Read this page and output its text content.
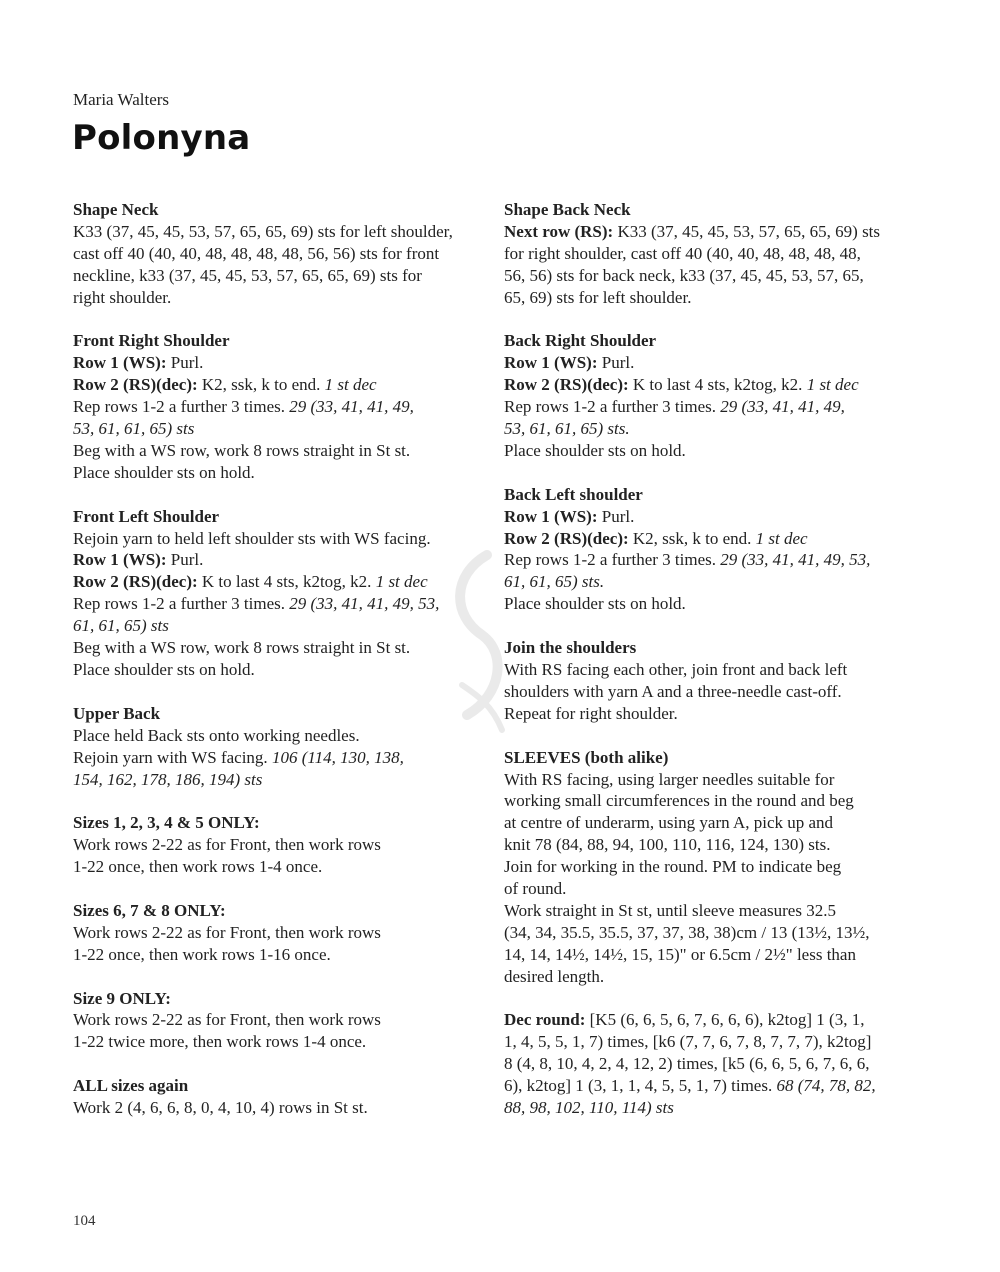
Maria Walters
Polonyna

Shape Neck

K33 (37, 45, 45, 53, 57, 65, 65, 69) sts for left shoulder,

cast off 40 (40, 40, 48, 48, 48, 48, 56, 56) sts for front

neckline, k33 (37, 45, 45, 53, 57, 65, 65, 69) sts for

right shoulder.

Front Right Shoulder

Row 1 (WS): Purl.

Row 2 (RS)(dec): K2, ssk, k to end. 1 st dec

Rep rows 1-2 a further 3 times. 29 (33, 41, 41, 49,

53, 61, 61, 65) sts

Beg with a WS row, work 8 rows straight in St st.

Place shoulder sts on hold.

Front Left Shoulder

Rejoin yarn to held left shoulder sts with WS facing.

Row 1 (WS): Purl.

Row 2 (RS)(dec): K to last 4 sts, k2tog, k2. 1 st dec

Rep rows 1-2 a further 3 times. 29 (33, 41, 41, 49, 53,

61, 61, 65) sts

Beg with a WS row, work 8 rows straight in St st.

Place shoulder sts on hold.

Upper Back

Place held Back sts onto working needles.

Rejoin yarn with WS facing. 106 (114, 130, 138,

154, 162, 178, 186, 194) sts

Sizes 1, 2, 3, 4 & 5 ONLY:

Work rows 2-22 as for Front, then work rows

1-22 once, then work rows 1-4 once.

Sizes 6, 7 & 8 ONLY:

Work rows 2-22 as for Front, then work rows

1-22 once, then work rows 1-16 once.

Size 9 ONLY:

Work rows 2-22 as for Front, then work rows

1-22 twice more, then work rows 1-4 once.

ALL sizes again

Work 2 (4, 6, 6, 8, 0, 4, 10, 4) rows in St st.

Shape Back Neck

Next row (RS): K33 (37, 45, 45, 53, 57, 65, 65, 69) sts

for right shoulder, cast off 40 (40, 40, 48, 48, 48, 48,

56, 56) sts for back neck, k33 (37, 45, 45, 53, 57, 65,

65, 69) sts for left shoulder.

Back Right Shoulder

Row 1 (WS): Purl.

Row 2 (RS)(dec): K to last 4 sts, k2tog, k2. 1 st dec

Rep rows 1-2 a further 3 times. 29 (33, 41, 41, 49,

53, 61, 61, 65) sts.

Place shoulder sts on hold.

Back Left shoulder

Row 1 (WS): Purl.

Row 2 (RS)(dec): K2, ssk, k to end. 1 st dec

Rep rows 1-2 a further 3 times. 29 (33, 41, 41, 49, 53,

61, 61, 65) sts.

Place shoulder sts on hold.

Join the shoulders

With RS facing each other, join front and back left

shoulders with yarn A and a three-needle cast-off.

Repeat for right shoulder.

SLEEVES (both alike)

With RS facing, using larger needles suitable for

working small circumferences in the round and beg

at centre of underarm, using yarn A, pick up and

knit 78 (84, 88, 94, 100, 110, 116, 124, 130) sts.

Join for working in the round. PM to indicate beg

of round.

Work straight in St st, until sleeve measures 32.5

(34, 34, 35.5, 35.5, 37, 37, 38, 38)cm / 13 (13½, 13½,

14, 14, 14½, 14½, 15, 15)" or 6.5cm / 2½" less than

desired length.

Dec round: [K5 (6, 6, 5, 6, 7, 6, 6, 6), k2tog] 1 (3, 1,

1, 4, 5, 5, 1, 7) times, [k6 (7, 7, 6, 7, 8, 7, 7, 7), k2tog]

8 (4, 8, 10, 4, 2, 4, 12, 2) times, [k5 (6, 6, 5, 6, 7, 6, 6,

6), k2tog] 1 (3, 1, 1, 4, 5, 5, 1, 7) times. 68 (74, 78, 82,

88, 98, 102, 110, 114) sts

104
